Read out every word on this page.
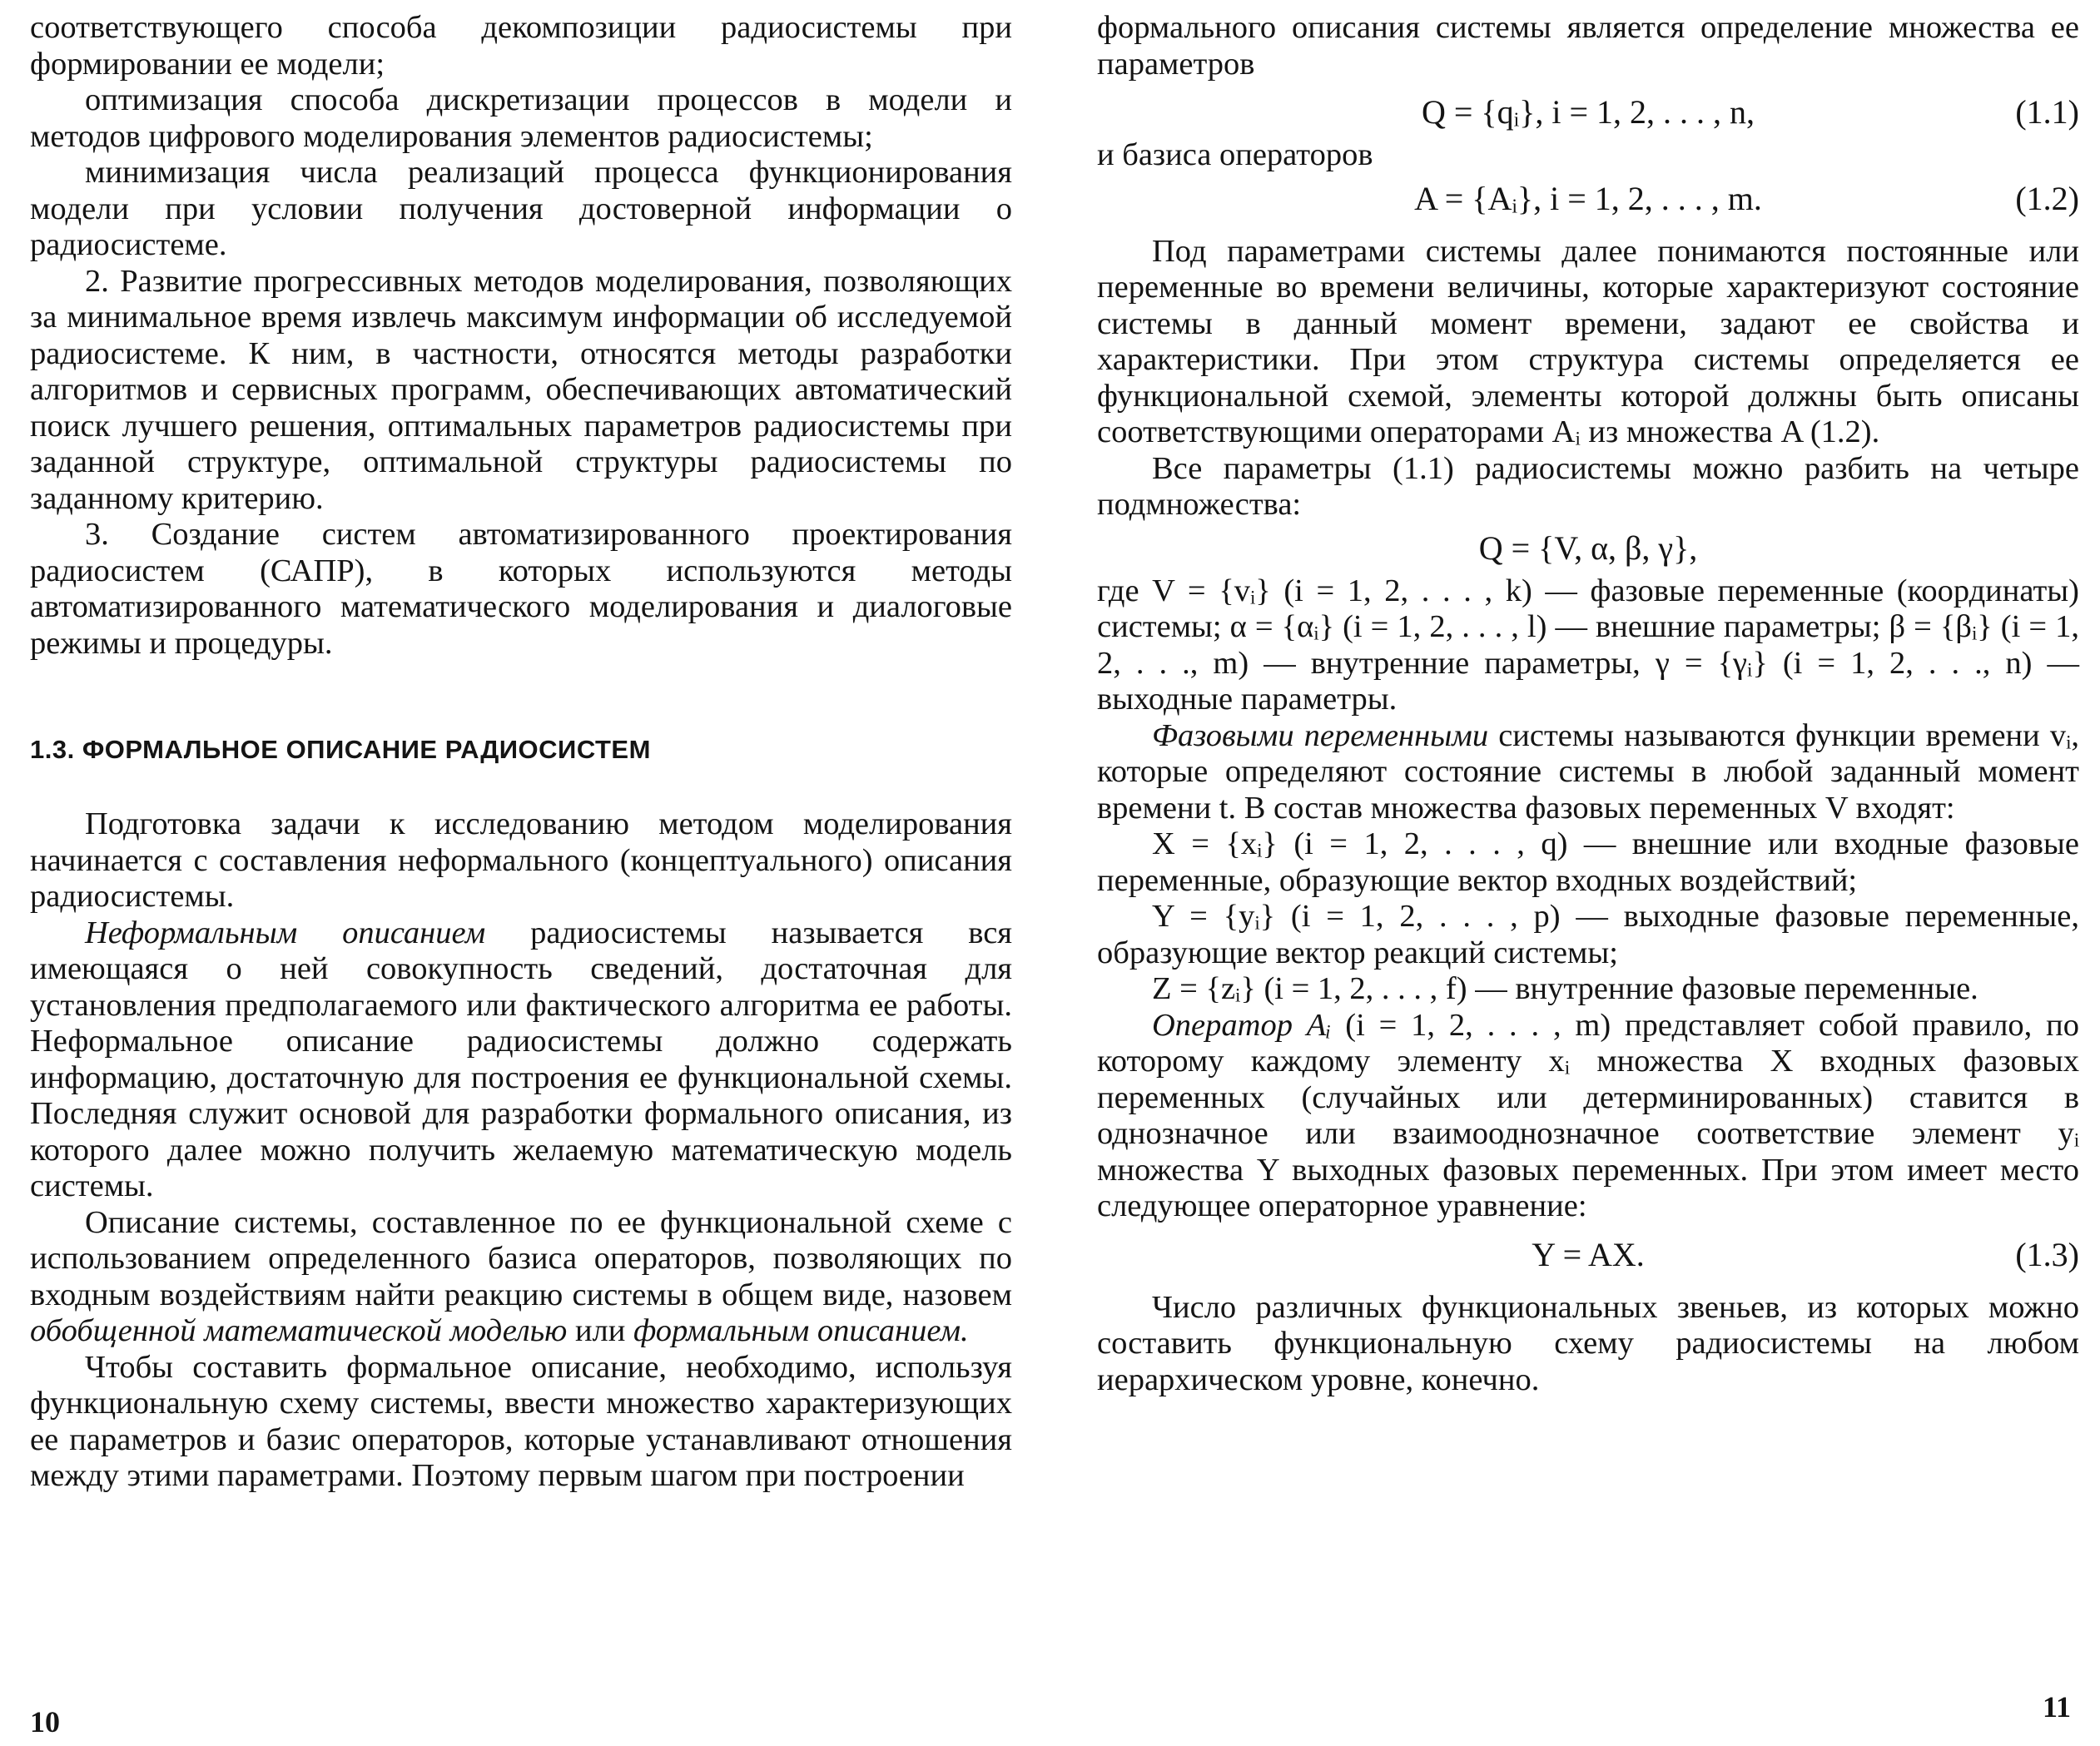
соответствующего способа декомпозиции радиосистемы при формировании ее модели;

оптимизация способа дискретизации процессов в модели и методов цифрового моделирования элементов радиосистемы;

минимизация числа реализаций процесса функционирования модели при условии получения достоверной информации о радиосистеме.

2. Развитие прогрессивных методов моделирования, позволяющих за минимальное время извлечь максимум информации об исследуемой радиосистеме. К ним, в частности, относятся методы разработки алгоритмов и сервисных программ, обеспечивающих автоматический поиск лучшего решения, оптимальных параметров радиосистемы при заданной структуре, оптимальной структуры радиосистемы по заданному критерию.

3. Создание систем автоматизированного проектирования радиосистем (САПР), в которых используются методы автоматизированного математического моделирования и диалоговые режимы и процедуры.

1.3. ФОРМАЛЬНОЕ ОПИСАНИЕ РАДИОСИСТЕМ

Подготовка задачи к исследованию методом моделирования начинается с составления неформального (концептуального) описания радиосистемы.

Неформальным описанием радиосистемы называется вся имеющаяся о ней совокупность сведений, достаточная для установления предполагаемого или фактического алгоритма ее работы. Неформальное описание радиосистемы должно содержать информацию, достаточную для построения ее функциональной схемы. Последняя служит основой для разработки формального описания, из которого далее можно получить желаемую математическую модель системы.

Описание системы, составленное по ее функциональной схеме с использованием определенного базиса операторов, позволяющих по входным воздействиям найти реакцию системы в общем виде, назовем обобщенной математической моделью или формальным описанием.

Чтобы составить формальное описание, необходимо, используя функциональную схему системы, ввести множество характеризующих ее параметров и базис операторов, которые устанавливают отношения между этими параметрами. Поэтому первым шагом при построении

10

формального описания системы является определение множества ее параметров

Q = {qᵢ}, i = 1, 2, . . . , n,	(1.1)

и базиса операторов

A = {Aᵢ}, i = 1, 2, . . . , m.	(1.2)

Под параметрами системы далее понимаются постоянные или переменные во времени величины, которые характеризуют состояние системы в данный момент времени, задают ее свойства и характеристики. При этом структура системы определяется ее функциональной схемой, элементы которой должны быть описаны соответствующими операторами Aᵢ из множества A (1.2).

Все параметры (1.1) радиосистемы можно разбить на четыре подмножества:

Q = {V, α, β, γ},

где V = {vᵢ} (i = 1, 2, . . . , k) — фазовые переменные (координаты) системы; α = {αᵢ} (i = 1, 2, . . . , l) — внешние параметры; β = {βᵢ} (i = 1, 2, . . ., m) — внутренние параметры, γ = {γᵢ} (i = 1, 2, . . ., n) — выходные параметры.

Фазовыми переменными системы называются функции времени vᵢ, которые определяют состояние системы в любой заданный момент времени t. В состав множества фазовых переменных V входят:

X = {xᵢ} (i = 1, 2, . . . , q) — внешние или входные фазовые переменные, образующие вектор входных воздействий;

Y = {yᵢ} (i = 1, 2, . . . , p) — выходные фазовые переменные, образующие вектор реакций системы;

Z = {zᵢ} (i = 1, 2, . . . , f) — внутренние фазовые переменные.

Оператор Aᵢ (i = 1, 2, . . . , m) представляет собой правило, по которому каждому элементу xᵢ множества X входных фазовых переменных (случайных или детерминированных) ставится в однозначное или взаимооднозначное соответствие элемент yᵢ множества Y выходных фазовых переменных. При этом имеет место следующее операторное уравнение:

Y = AX.	(1.3)

Число различных функциональных звеньев, из которых можно составить функциональную схему радиосистемы на любом иерархическом уровне, конечно.

11
